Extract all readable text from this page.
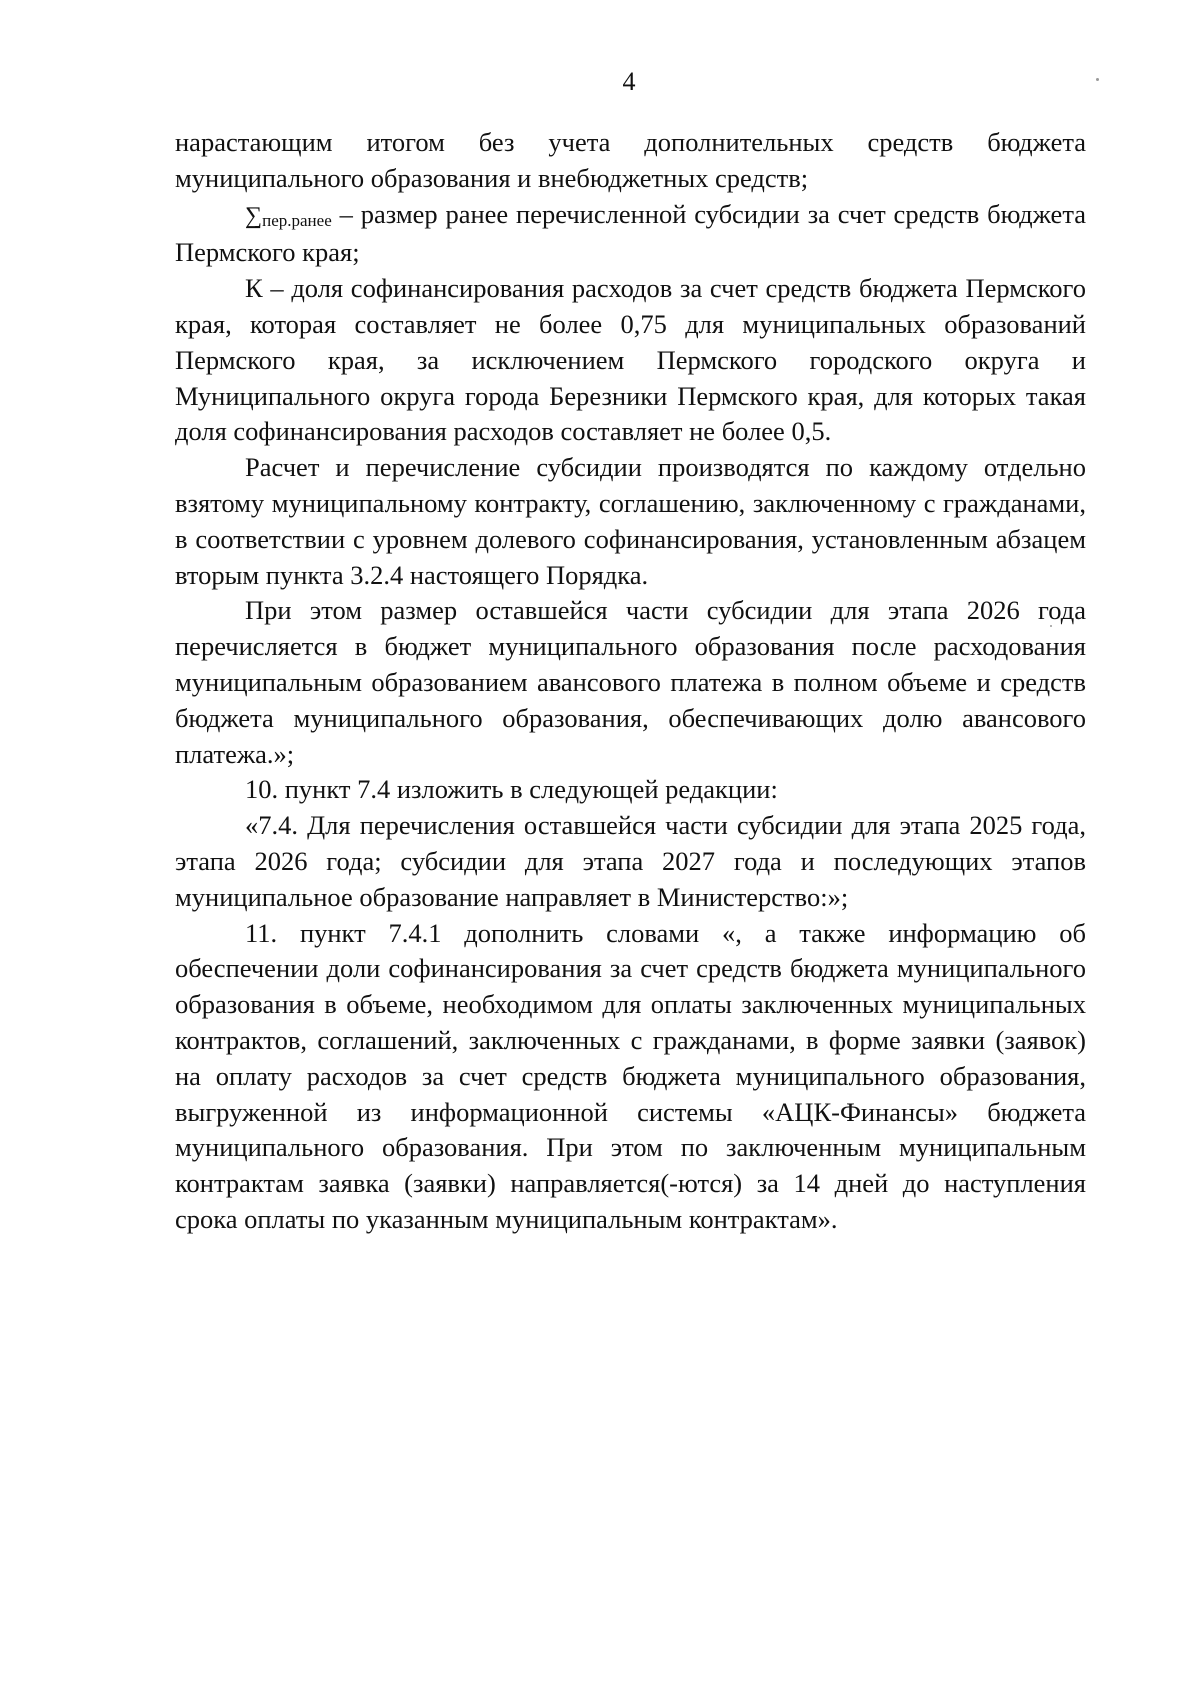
4

нарастающим итогом без учета дополнительных средств бюджета муниципального образования и внебюджетных средств;

∑пер.ранее – размер ранее перечисленной субсидии за счет средств бюджета Пермского края;

К – доля софинансирования расходов за счет средств бюджета Пермского края, которая составляет не более 0,75 для муниципальных образований Пермского края, за исключением Пермского городского округа и Муниципального округа города Березники Пермского края, для которых такая доля софинансирования расходов составляет не более 0,5.

Расчет и перечисление субсидии производятся по каждому отдельно взятому муниципальному контракту, соглашению, заключенному с гражданами, в соответствии с уровнем долевого софинансирования, установленным абзацем вторым пункта 3.2.4 настоящего Порядка.

При этом размер оставшейся части субсидии для этапа 2026 года перечисляется в бюджет муниципального образования после расходования муниципальным образованием авансового платежа в полном объеме и средств бюджета муниципального образования, обеспечивающих долю авансового платежа.»;

10. пункт 7.4 изложить в следующей редакции:

«7.4. Для перечисления оставшейся части субсидии для этапа 2025 года, этапа 2026 года; субсидии для этапа 2027 года и последующих этапов муниципальное образование направляет в Министерство:»;

11. пункт 7.4.1 дополнить словами «, а также информацию об обеспечении доли софинансирования за счет средств бюджета муниципального образования в объеме, необходимом для оплаты заключенных муниципальных контрактов, соглашений, заключенных с гражданами, в форме заявки (заявок) на оплату расходов за счет средств бюджета муниципального образования, выгруженной из информационной системы «АЦК-Финансы» бюджета муниципального образования. При этом по заключенным муниципальным контрактам заявка (заявки) направляется(-ются) за 14 дней до наступления срока оплаты по указанным муниципальным контрактам».
